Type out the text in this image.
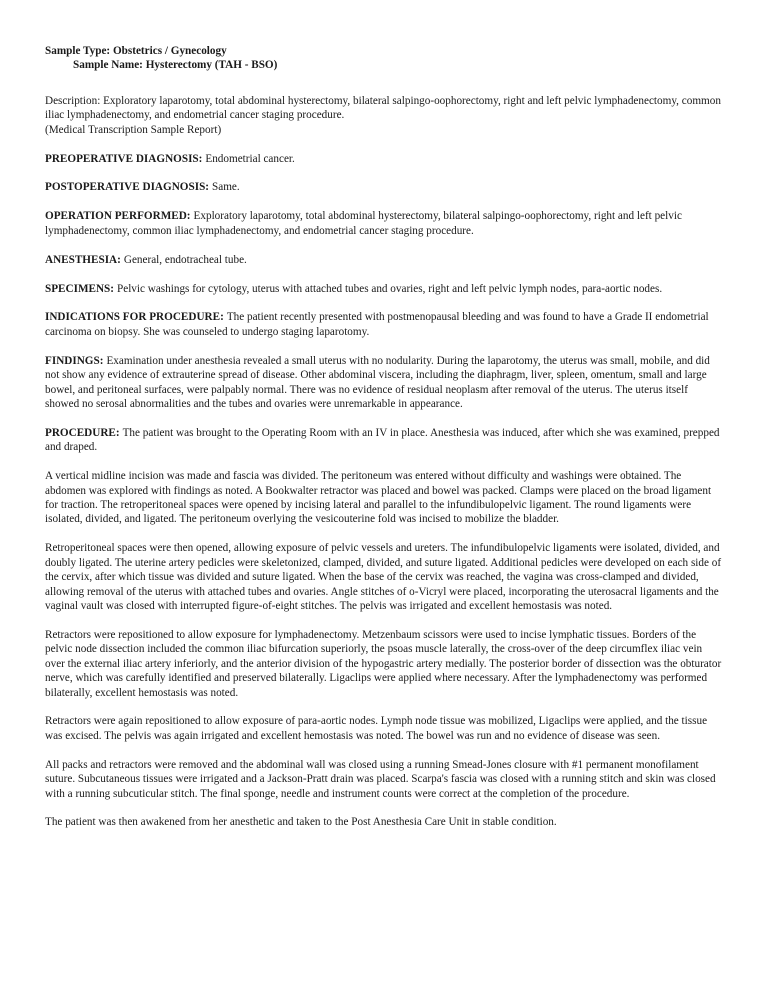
Sample Type: Obstetrics / Gynecology
Sample Name: Hysterectomy (TAH - BSO)

Description: Exploratory laparotomy, total abdominal hysterectomy, bilateral salpingo-oophorectomy, right and left pelvic lymphadenectomy, common iliac lymphadenectomy, and endometrial cancer staging procedure.
(Medical Transcription Sample Report)

PREOPERATIVE DIAGNOSIS: Endometrial cancer.

POSTOPERATIVE DIAGNOSIS: Same.

OPERATION PERFORMED: Exploratory laparotomy, total abdominal hysterectomy, bilateral salpingo-oophorectomy, right and left pelvic lymphadenectomy, common iliac lymphadenectomy, and endometrial cancer staging procedure.

ANESTHESIA: General, endotracheal tube.

SPECIMENS: Pelvic washings for cytology, uterus with attached tubes and ovaries, right and left pelvic lymph nodes, para-aortic nodes.

INDICATIONS FOR PROCEDURE: The patient recently presented with postmenopausal bleeding and was found to have a Grade II endometrial carcinoma on biopsy. She was counseled to undergo staging laparotomy.

FINDINGS: Examination under anesthesia revealed a small uterus with no nodularity. During the laparotomy, the uterus was small, mobile, and did not show any evidence of extrauterine spread of disease. Other abdominal viscera, including the diaphragm, liver, spleen, omentum, small and large bowel, and peritoneal surfaces, were palpably normal. There was no evidence of residual neoplasm after removal of the uterus. The uterus itself showed no serosal abnormalities and the tubes and ovaries were unremarkable in appearance.

PROCEDURE: The patient was brought to the Operating Room with an IV in place. Anesthesia was induced, after which she was examined, prepped and draped.

A vertical midline incision was made and fascia was divided. The peritoneum was entered without difficulty and washings were obtained. The abdomen was explored with findings as noted. A Bookwalter retractor was placed and bowel was packed. Clamps were placed on the broad ligament for traction. The retroperitoneal spaces were opened by incising lateral and parallel to the infundibulopelvic ligament. The round ligaments were isolated, divided, and ligated. The peritoneum overlying the vesicouterine fold was incised to mobilize the bladder.

Retroperitoneal spaces were then opened, allowing exposure of pelvic vessels and ureters. The infundibulopelvic ligaments were isolated, divided, and doubly ligated. The uterine artery pedicles were skeletonized, clamped, divided, and suture ligated. Additional pedicles were developed on each side of the cervix, after which tissue was divided and suture ligated. When the base of the cervix was reached, the vagina was cross-clamped and divided, allowing removal of the uterus with attached tubes and ovaries. Angle stitches of o-Vicryl were placed, incorporating the uterosacral ligaments and the vaginal vault was closed with interrupted figure-of-eight stitches. The pelvis was irrigated and excellent hemostasis was noted.

Retractors were repositioned to allow exposure for lymphadenectomy. Metzenbaum scissors were used to incise lymphatic tissues. Borders of the pelvic node dissection included the common iliac bifurcation superiorly, the psoas muscle laterally, the cross-over of the deep circumflex iliac vein over the external iliac artery inferiorly, and the anterior division of the hypogastric artery medially. The posterior border of dissection was the obturator nerve, which was carefully identified and preserved bilaterally. Ligaclips were applied where necessary. After the lymphadenectomy was performed bilaterally, excellent hemostasis was noted.

Retractors were again repositioned to allow exposure of para-aortic nodes. Lymph node tissue was mobilized, Ligaclips were applied, and the tissue was excised. The pelvis was again irrigated and excellent hemostasis was noted. The bowel was run and no evidence of disease was seen.

All packs and retractors were removed and the abdominal wall was closed using a running Smead-Jones closure with #1 permanent monofilament suture. Subcutaneous tissues were irrigated and a Jackson-Pratt drain was placed. Scarpa's fascia was closed with a running stitch and skin was closed with a running subcuticular stitch. The final sponge, needle and instrument counts were correct at the completion of the procedure.

The patient was then awakened from her anesthetic and taken to the Post Anesthesia Care Unit in stable condition.
